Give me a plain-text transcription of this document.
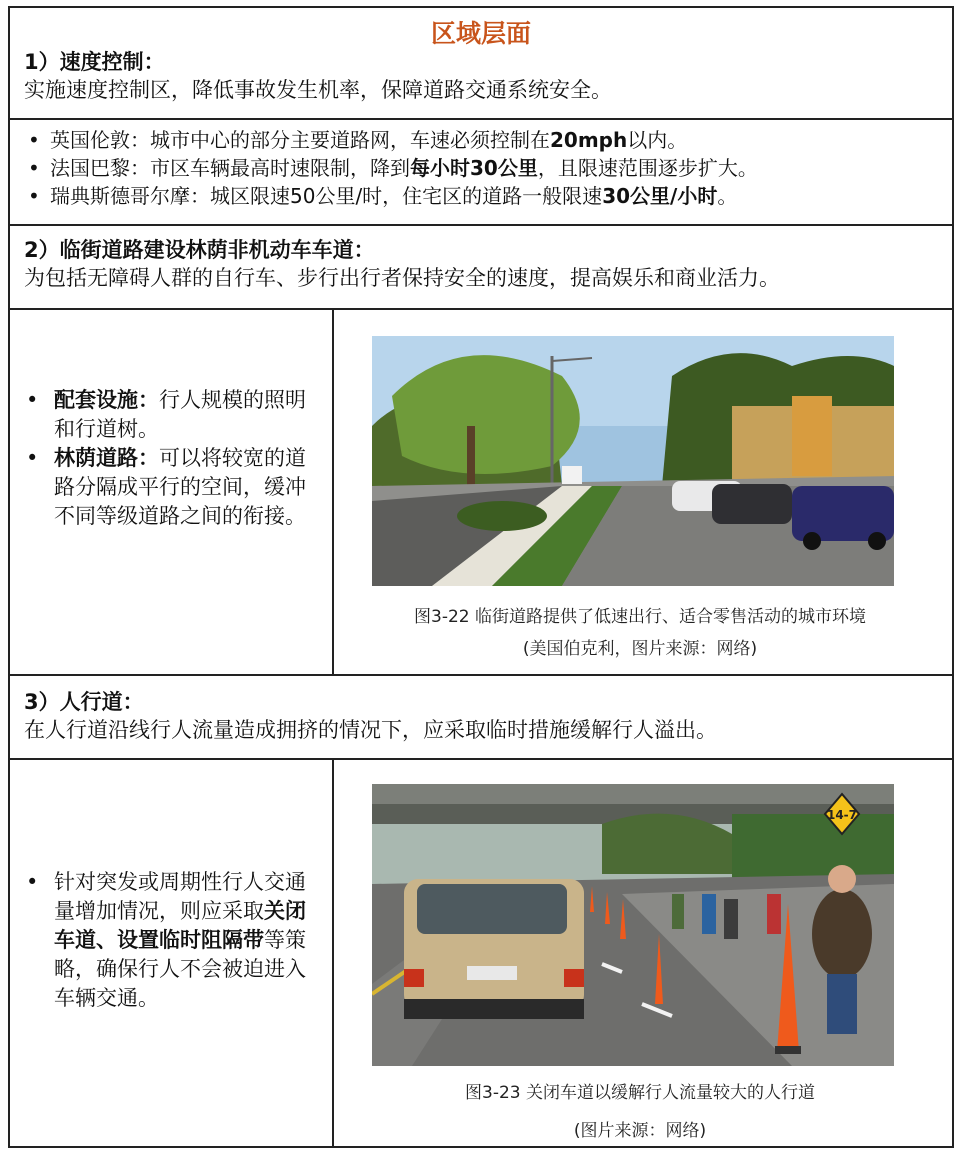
区域层面
1）速度控制：
实施速度控制区，降低事故发生机率，保障道路交通系统安全。
• 英国伦敦：城市中心的部分主要道路网，车速必须控制在20mph以内。
• 法国巴黎：市区车辆最高时速限制，降到每小时30公里，且限速范围逐步扩大。
• 瑞典斯德哥尔摩：城区限速50公里/时，住宅区的道路一般限速30公里/小时。
2）临街道路建设林荫非机动车车道：
为包括无障碍人群的自行车、步行出行者保持安全的速度，提高娱乐和商业活力。
• 配套设施：行人规模的照明和行道树。
• 林荫道路：可以将较宽的道路分隔成平行的空间，缓冲不同等级道路之间的衔接。
图3-22 临街道路提供了低速出行、适合零售活动的城市环境
(美国伯克利，图片来源：网络)
3）人行道：
在人行道沿线行人流量造成拥挤的情况下，应采取临时措施缓解行人溢出。
• 针对突发或周期性行人交通量增加情况，则应采取关闭车道、设置临时阻隔带等策略，确保行人不会被迫进入车辆交通。
14-7
图3-23 关闭车道以缓解行人流量较大的人行道
(图片来源：网络)
